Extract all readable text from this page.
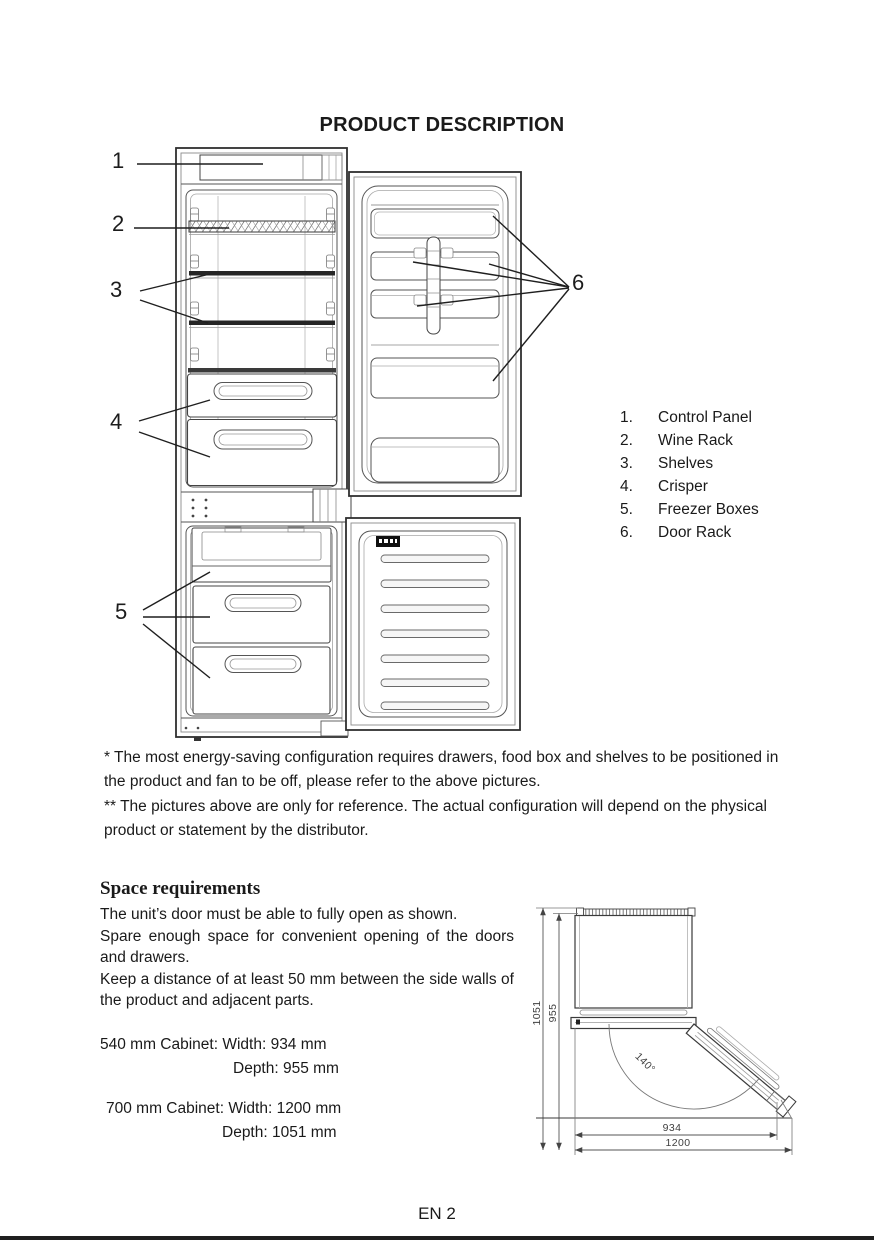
PRODUCT DESCRIPTION
1
2
3
4
5
6
1.	Control Panel
2.	Wine Rack
3.	Shelves
4.	Crisper
5.	Freezer Boxes
6.	Door Rack
* The most energy-saving configuration requires drawers, food box and shelves to be positioned in the product and fan to be off, please refer to the above pictures.
** The pictures above are only for reference. The actual configuration will depend on the physical product or statement by the distributor.
Space requirements
The unit’s door must be able to fully open as shown.
Spare enough space for convenient opening of the doors and drawers.
Keep a distance of at least 50 mm between the side walls of the product and adjacent parts.
540 mm Cabinet: Width: 934 mm
Depth: 955 mm
700 mm Cabinet: Width: 1200 mm
Depth: 1051 mm
1051 955
934
1200
140°
EN 2
